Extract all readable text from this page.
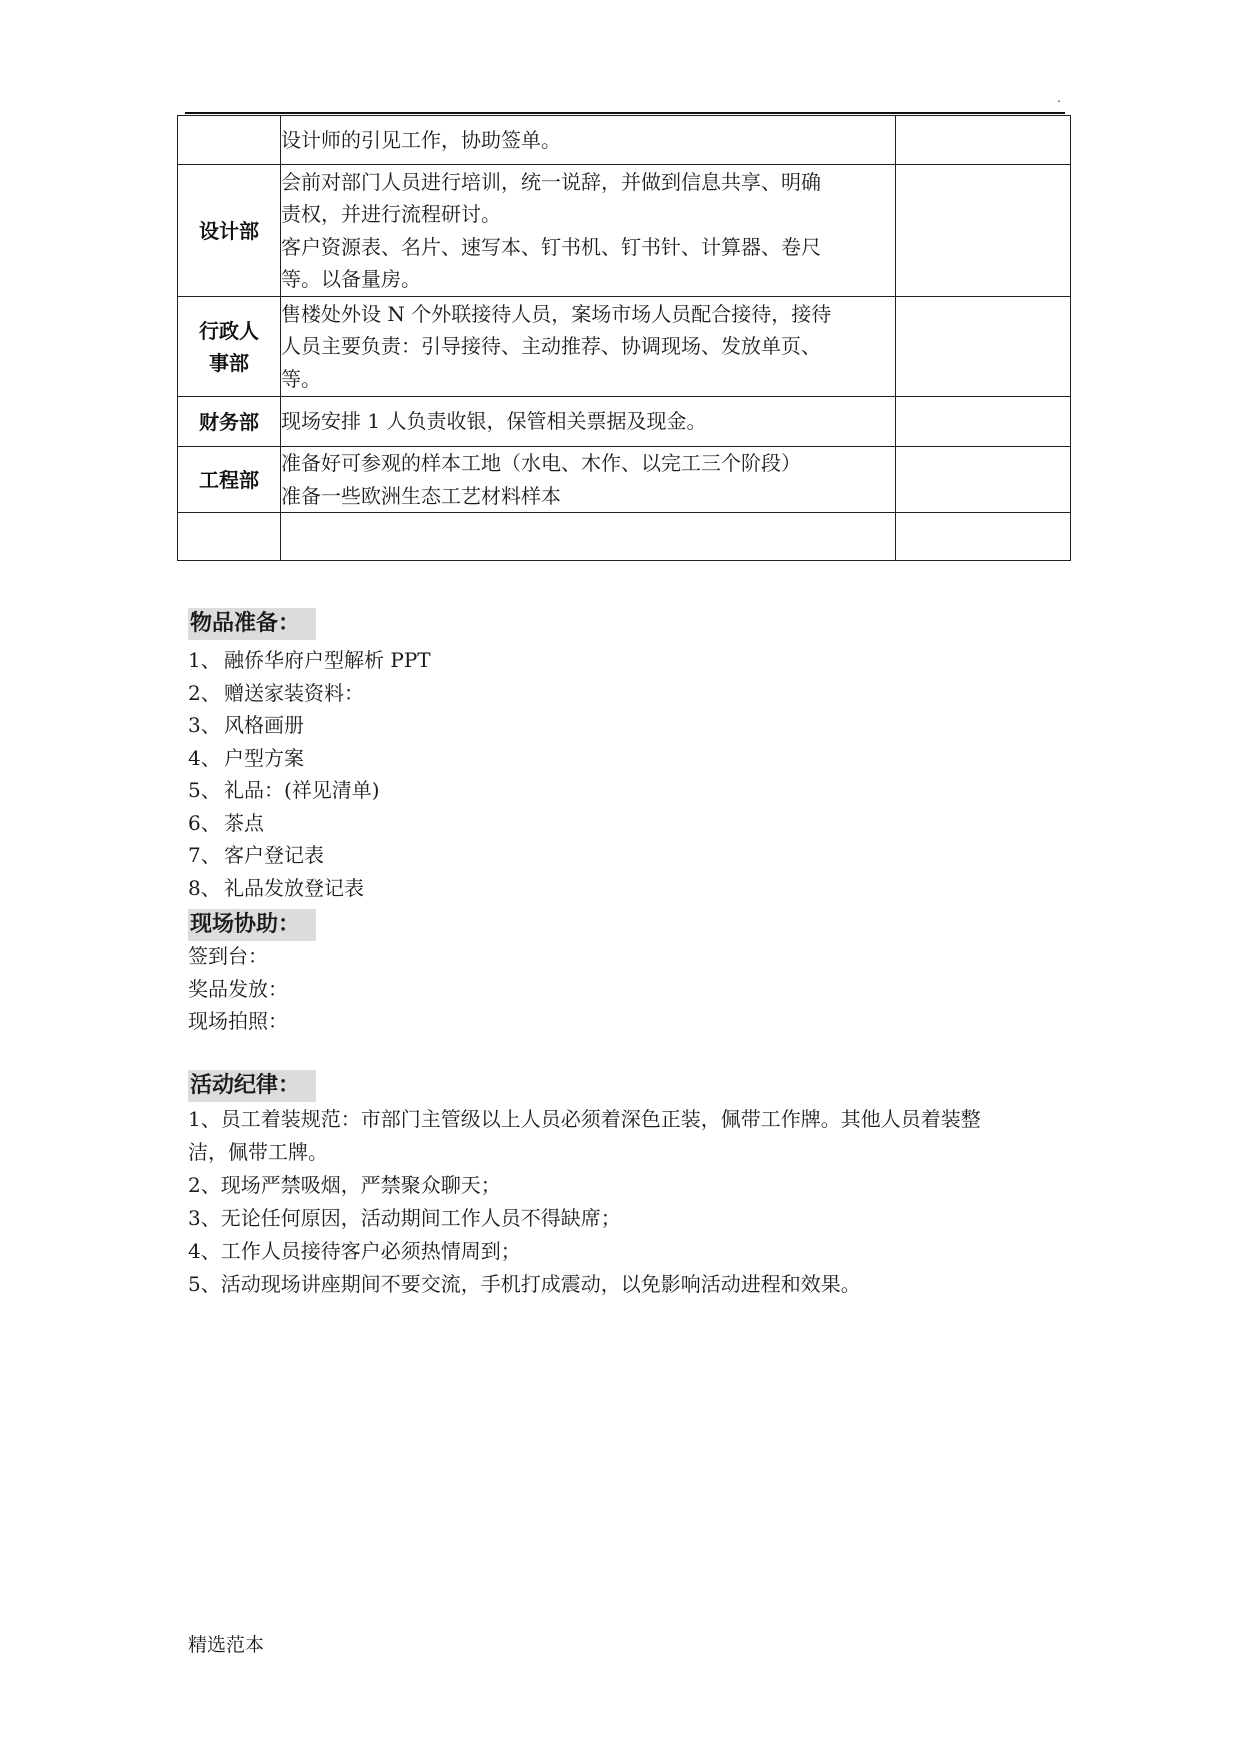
.

	设计师的引见工作，协助签单。	

设计部	会前对部门人员进行培训，统一说辞，并做到信息共享、明确
责权，并进行流程研讨。
客户资源表、名片、速写本、钉书机、钉书针、计算器、卷尺
等。以备量房。	

行政人
事部	售楼处外设 N 个外联接待人员，案场市场人员配合接待，接待
人员主要负责：引导接待、主动推荐、协调现场、发放单页、
等。	

财务部	现场安排 1 人负责收银，保管相关票据及现金。	

工程部	准备好可参观的样本工地（水电、木作、以完工三个阶段）
准备一些欧洲生态工艺材料样本	

物品准备：
1、 融侨华府户型解析 PPT
2、 赠送家装资料：
3、 风格画册
4、 户型方案
5、 礼品：(祥见清单)
6、 茶点
7、 客户登记表
8、 礼品发放登记表
现场协助：
签到台：
奖品发放：
现场拍照：
活动纪律：
1、员工着装规范：市部门主管级以上人员必须着深色正装，佩带工作牌。其他人员着装整
洁，佩带工牌。
2、现场严禁吸烟，严禁聚众聊天；
3、无论任何原因，活动期间工作人员不得缺席；
4、工作人员接待客户必须热情周到；
5、活动现场讲座期间不要交流，手机打成震动，以免影响活动进程和效果。
精选范本
